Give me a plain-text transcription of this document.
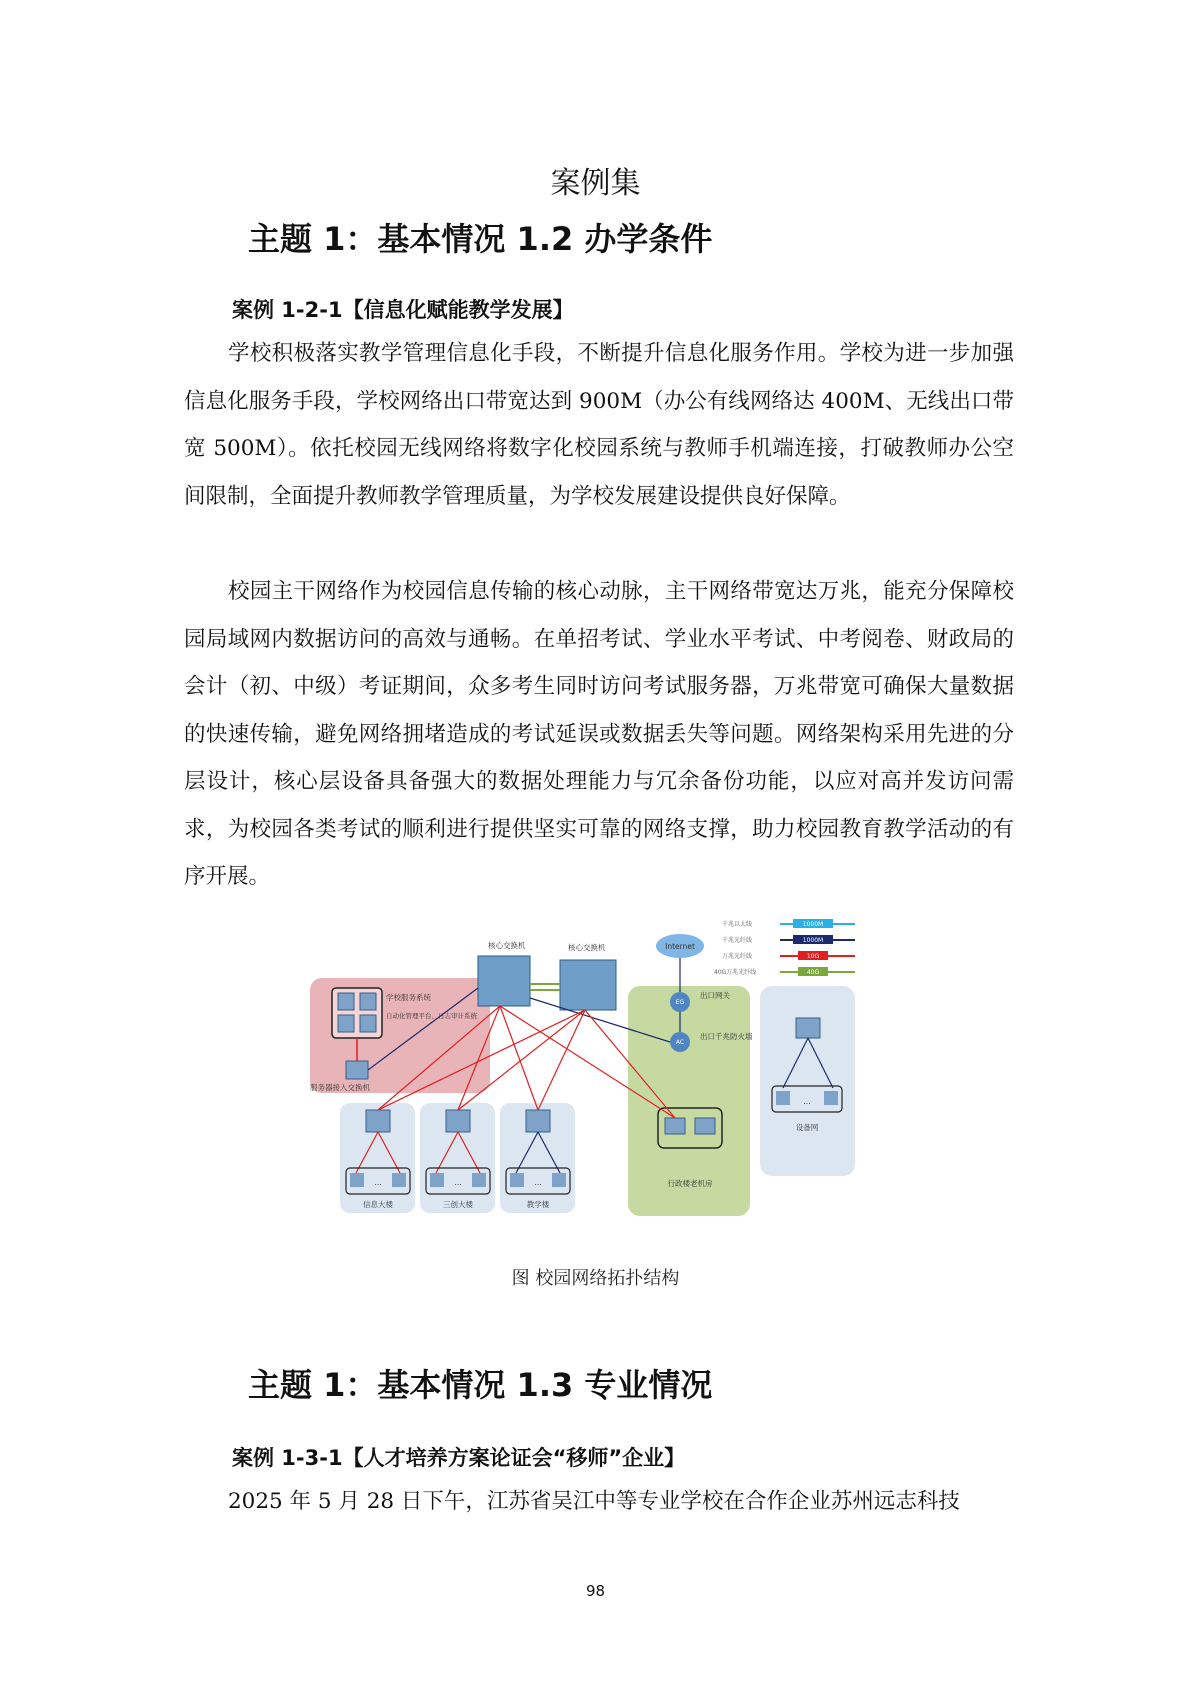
案例集
主题 1：基本情况 1.2 办学条件
案例 1-2-1【信息化赋能教学发展】

学校积极落实教学管理信息化手段，不断提升信息化服务作用。学校为进一步加强信息化服务手段，学校网络出口带宽达到 900M（办公有线网络达 400M、无线出口带宽 500M）。依托校园无线网络将数字化校园系统与教师手机端连接，打破教师办公空间限制，全面提升教师教学管理质量，为学校发展建设提供良好保障。

校园主干网络作为校园信息传输的核心动脉，主干网络带宽达万兆，能充分保障校园局域网内数据访问的高效与通畅。在单招考试、学业水平考试、中考阅卷、财政局的会计（初、中级）考证期间，众多考生同时访问考试服务器，万兆带宽可确保大量数据的快速传输，避免网络拥堵造成的考试延误或数据丢失等问题。网络架构采用先进的分层设计，核心层设备具备强大的数据处理能力与冗余备份功能，以应对高并发访问需求，为校园各类考试的顺利进行提供坚实可靠的网络支撑，助力校园教育教学活动的有序开展。

千兆以太线	1000M
千兆光纤线	1000M
万兆光纤线	10G
40G万兆光纤线	40G
学校服务系统
自动化管理平台、日志审计系统
服务器接入交换机
核心交换机	核心交换机	Internet
EG
出口网关
AC
出口千兆防火墙
行政楼老机房
…
设备网
…
信息大楼
…
三创大楼
…
教学楼
图 校园网络拓扑结构
主题 1：基本情况 1.3 专业情况
案例 1-3-1【人才培养方案论证会“移师”企业】

2025 年 5 月 28 日下午，江苏省吴江中等专业学校在合作企业苏州远志科技

98
